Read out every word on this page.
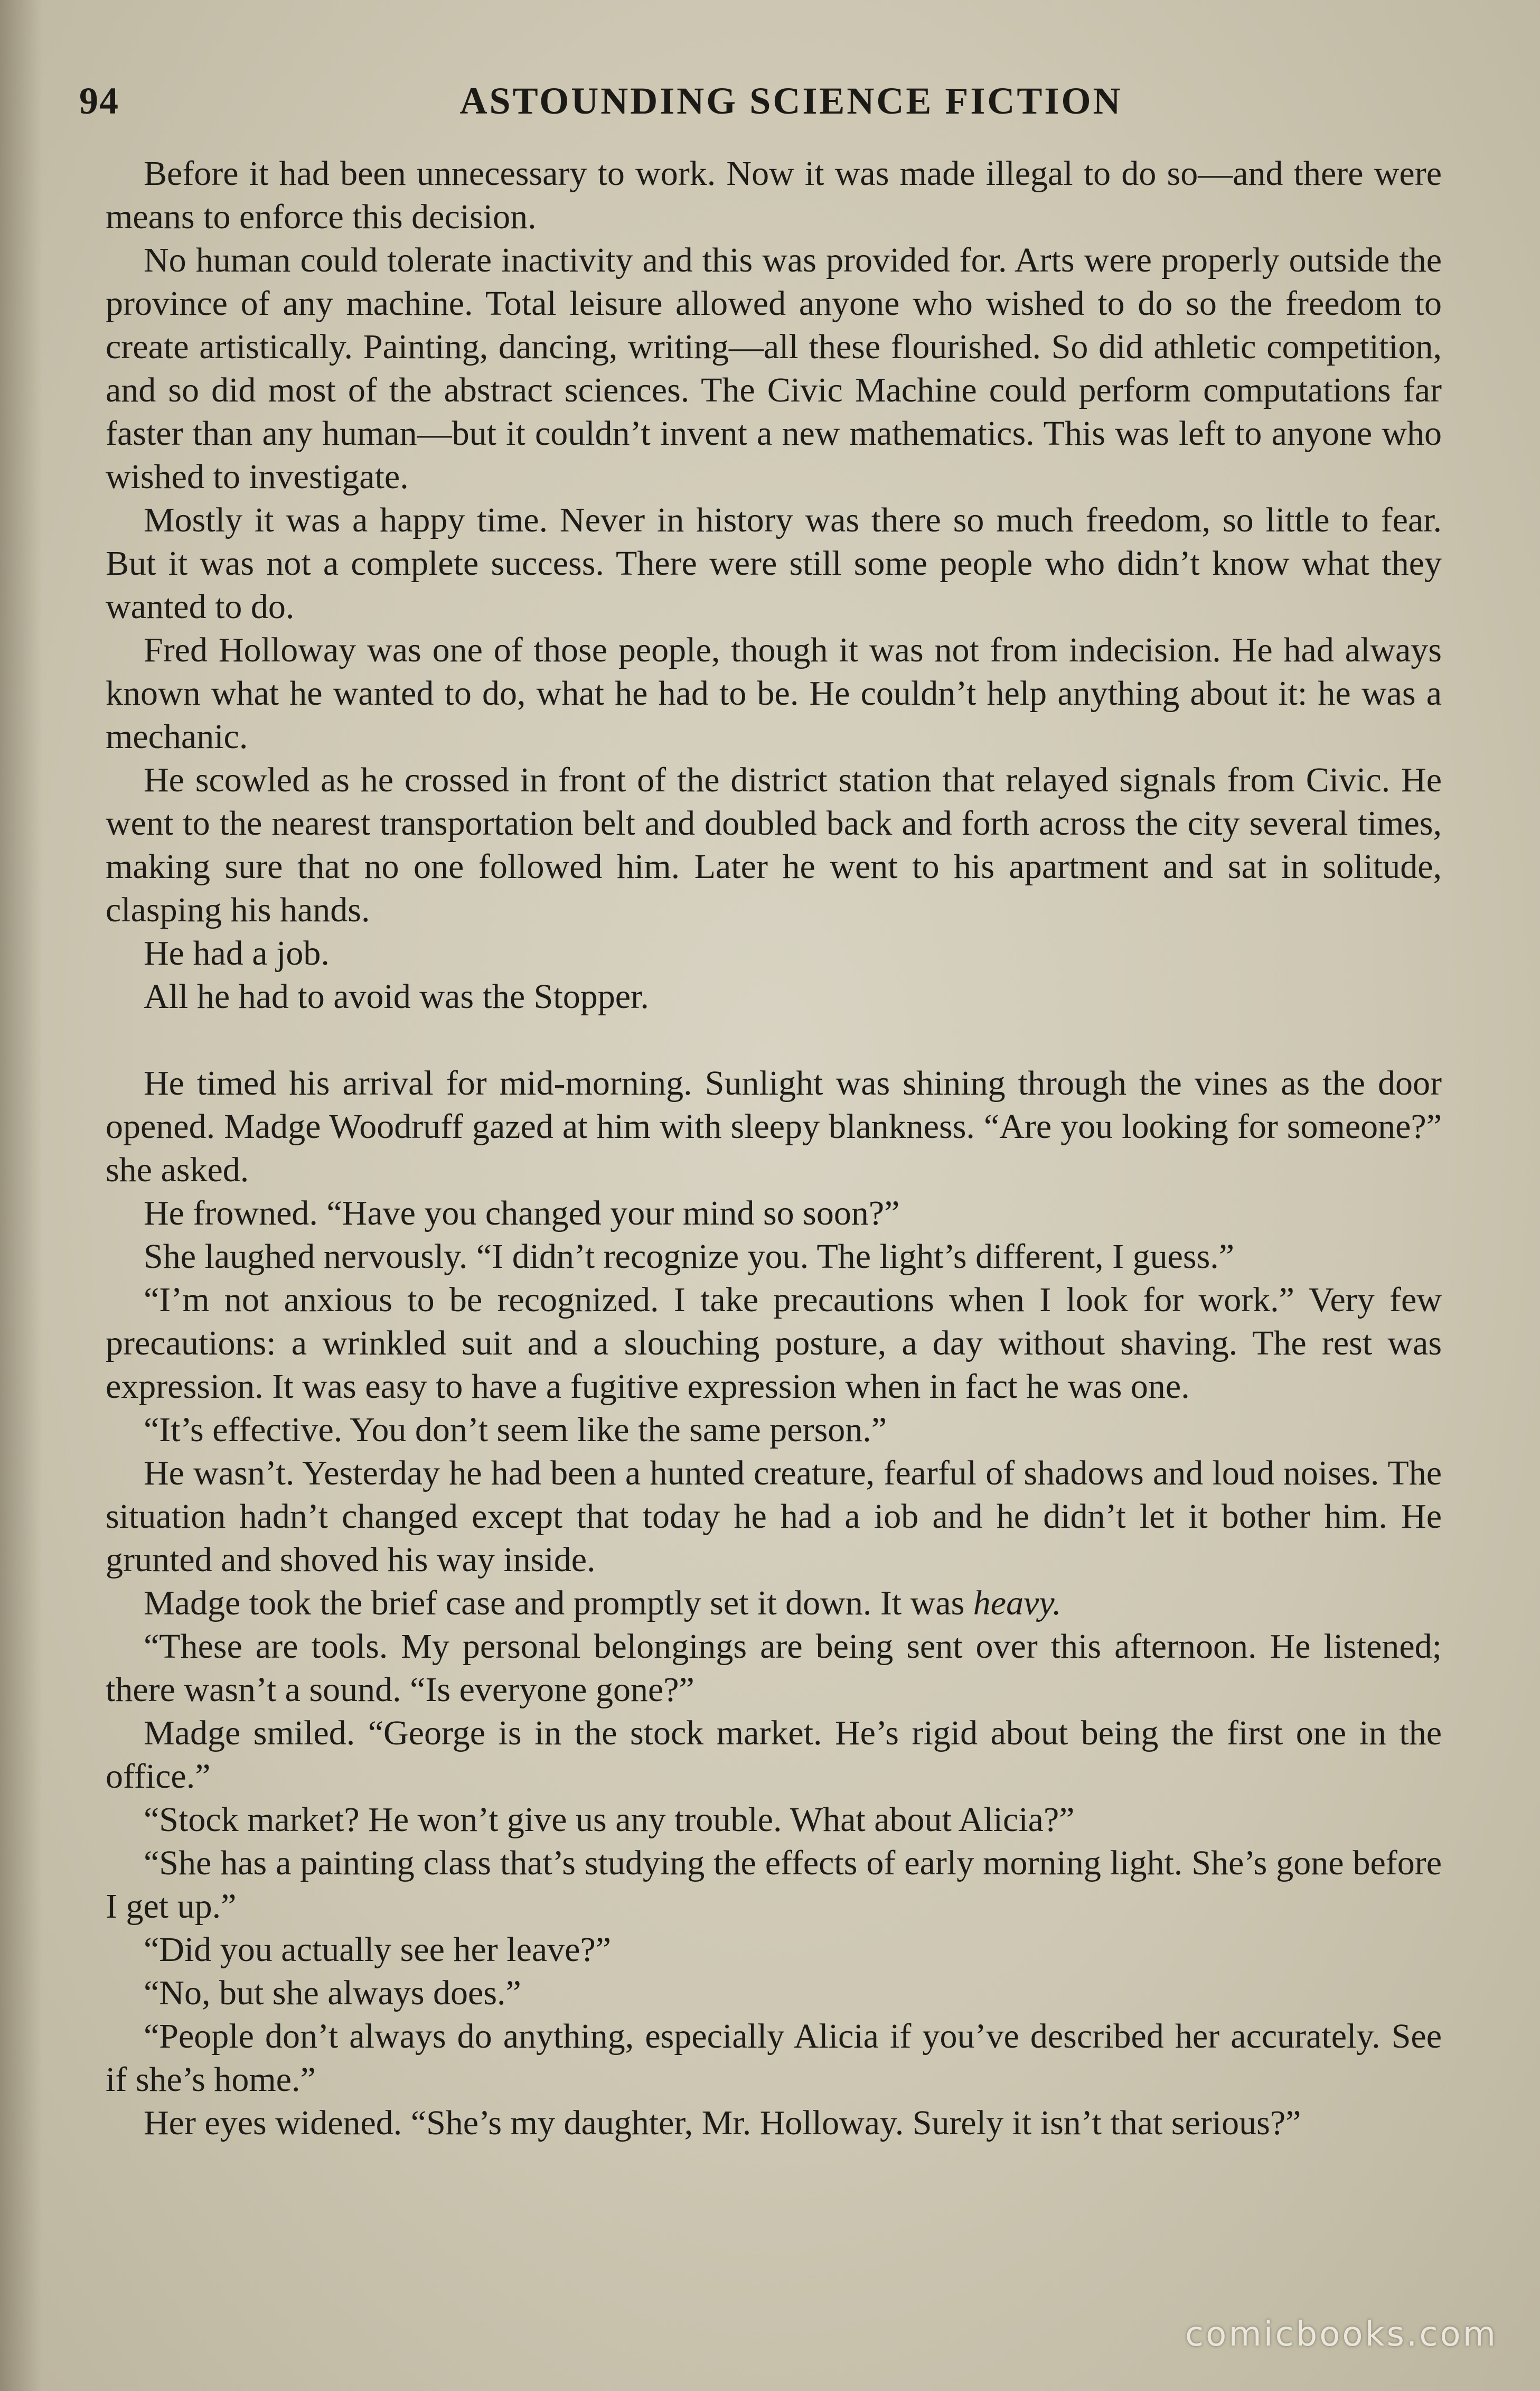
ASTOUNDING SCIENCE FICTION
94

Before it had been unnecessary to work. Now it was made illegal to do so—and there were means to enforce this decision.

No human could tolerate inactivity and this was provided for. Arts were properly outside the province of any machine. Total leisure allowed anyone who wished to do so the freedom to create artistically. Painting, dancing, writing—all these flourished. So did athletic competition, and so did most of the abstract sciences. The Civic Machine could perform computations far faster than any human—but it couldn’t invent a new mathematics. This was left to anyone who wished to investigate.

Mostly it was a happy time. Never in history was there so much freedom, so little to fear. But it was not a complete success. There were still some people who didn’t know what they wanted to do.

Fred Holloway was one of those people, though it was not from indecision. He had always known what he wanted to do, what he had to be. He couldn’t help anything about it: he was a mechanic.

He scowled as he crossed in front of the district station that relayed signals from Civic. He went to the nearest transportation belt and doubled back and forth across the city several times, making sure that no one followed him. Later he went to his apartment and sat in solitude, clasping his hands.

He had a job.

All he had to avoid was the Stopper.

He timed his arrival for mid-morning. Sunlight was shining through the vines as the door opened. Madge Woodruff gazed at him with sleepy blankness. “Are you looking for someone?” she asked.

He frowned. “Have you changed your mind so soon?”

She laughed nervously. “I didn’t recognize you. The light’s different, I guess.”

“I’m not anxious to be recognized. I take precautions when I look for work.” Very few precautions: a wrinkled suit and a slouching posture, a day without shaving. The rest was expression. It was easy to have a fugitive expression when in fact he was one.

“It’s effective. You don’t seem like the same person.”

He wasn’t. Yesterday he had been a hunted creature, fearful of shadows and loud noises. The situation hadn’t changed except that today he had a iob and he didn’t let it bother him. He grunted and shoved his way inside.

Madge took the brief case and promptly set it down. It was heavy.

“These are tools. My personal belongings are being sent over this afternoon. He listened; there wasn’t a sound. “Is everyone gone?”

Madge smiled. “George is in the stock market. He’s rigid about being the first one in the office.”

“Stock market? He won’t give us any trouble. What about Alicia?”

“She has a painting class that’s studying the effects of early morning light. She’s gone before I get up.”

“Did you actually see her leave?”

“No, but she always does.”

“People don’t always do anything, especially Alicia if you’ve described her accurately. See if she’s home.”

Her eyes widened. “She’s my daughter, Mr. Holloway. Surely it isn’t that serious?”

comicbooks.com
